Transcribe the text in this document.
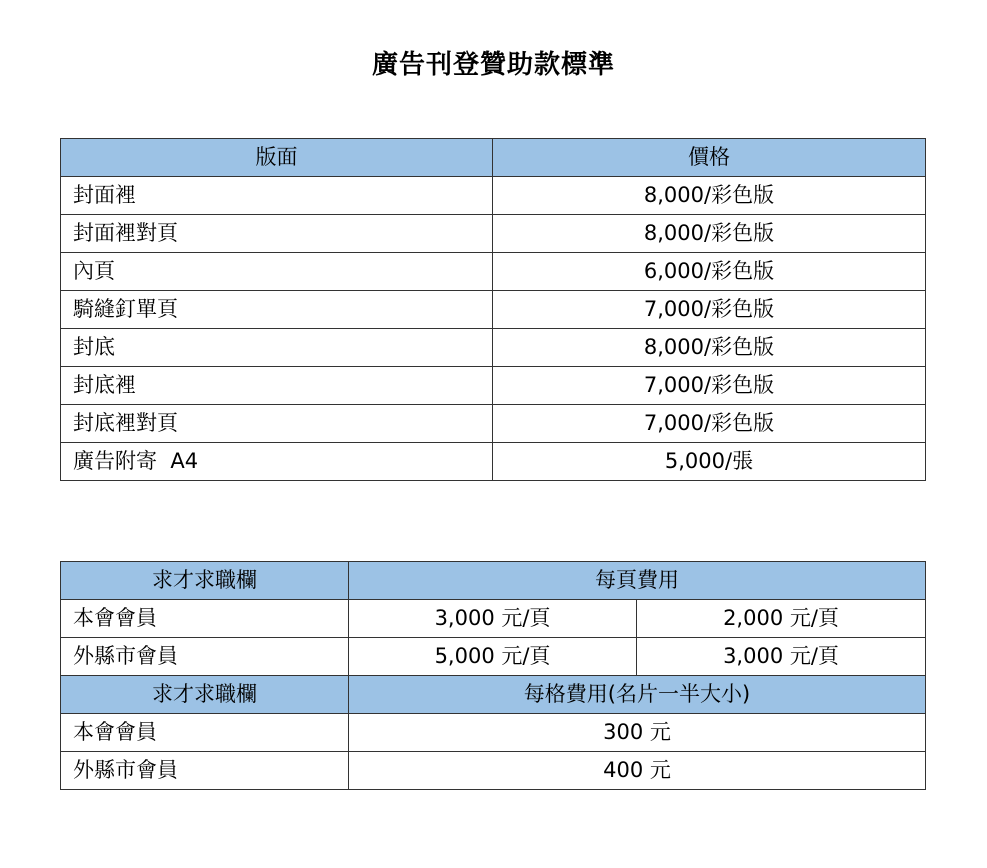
廣告刊登贊助款標準
版面	價格
封面裡	8,000/彩色版
封面裡對頁	8,000/彩色版
內頁	6,000/彩色版
騎縫釘單頁	7,000/彩色版
封底	8,000/彩色版
封底裡	7,000/彩色版
封底裡對頁	7,000/彩色版
廣告附寄  A4	5,000/張
求才求職欄	每頁費用	
本會會員	3,000 元/頁	2,000 元/頁
外縣市會員	5,000 元/頁	3,000 元/頁
求才求職欄	每格費用(名片一半大小)	
本會會員	300 元	
外縣市會員	400 元	
